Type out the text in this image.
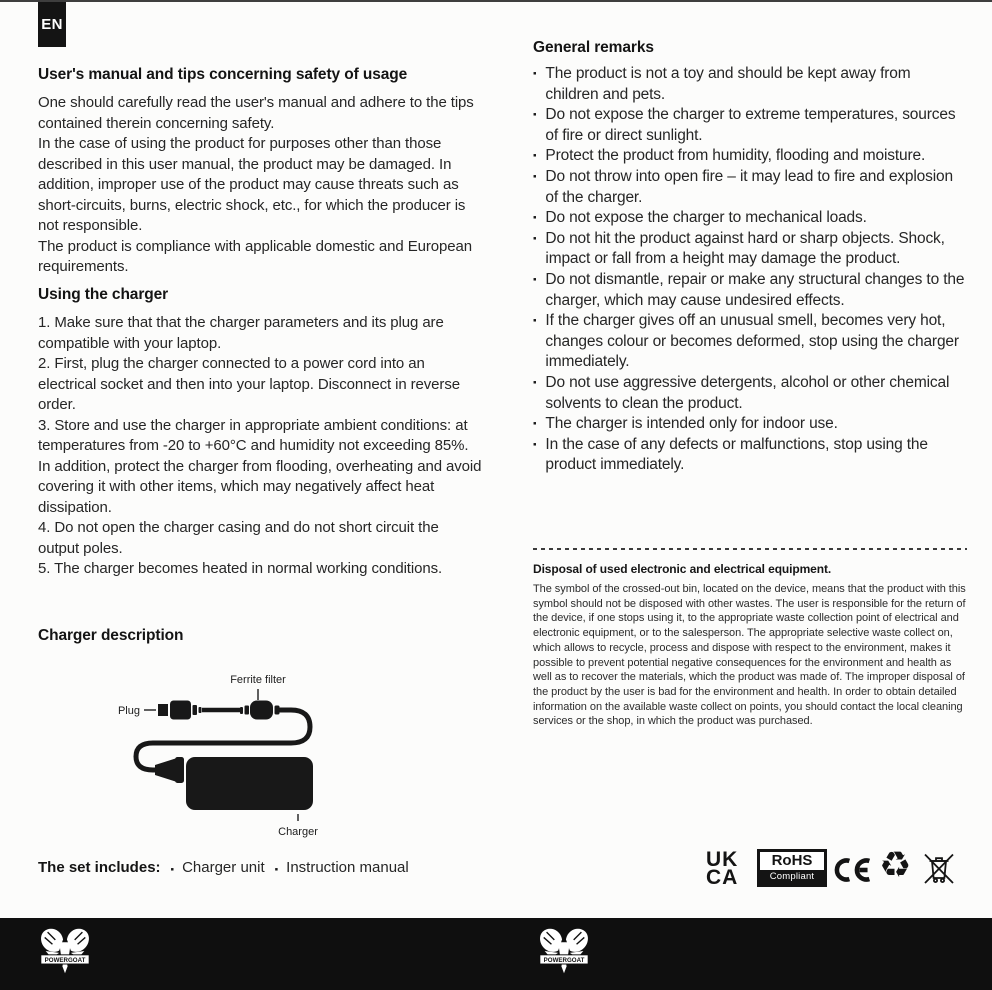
EN
User's manual and tips concerning safety of usage

One should carefully read the user's manual and adhere to the tips contained therein concerning safety.

In the case of using the product for purposes other than those described in this user manual, the product may be damaged. In addition, improper use of the product may cause threats such as short-circuits, burns, electric shock, etc., for which the producer is not responsible.

The product is compliance with applicable domestic and European requirements.

Using the charger

1. Make sure that that the charger parameters and its plug are compatible with your laptop.

2. First, plug the charger connected to a power cord into an electrical socket and then into your laptop. Disconnect in reverse order.

3. Store and use the charger in appropriate ambient conditions: at temperatures from -20 to +60°C and humidity not exceeding 85%. In addition, protect the charger from flooding, overheating and avoid covering it with other items, which may negatively affect heat dissipation.

4. Do not open the charger casing and do not short circuit the output poles.

5. The charger becomes heated in normal working conditions.

Charger description
Ferrite filter
Plug
Charger
The set includes: ▪ Charger unit ▪ Instruction manual
General remarks
▪ The product is not a toy and should be kept away from children and pets.
▪ Do not expose the charger to extreme temperatures, sources of fire or direct sunlight.
▪ Protect the product from humidity, flooding and moisture.
▪ Do not throw into open fire – it may lead to fire and explosion of the charger.
▪ Do not expose the charger to mechanical loads.
▪ Do not hit the product against hard or sharp objects. Shock, impact or fall from a height may damage the product.
▪ Do not dismantle, repair or make any structural changes to the charger, which may cause undesired effects.
▪ If the charger gives off an unusual smell, becomes very hot, changes colour or becomes deformed, stop using the charger immediately.
▪ Do not use aggressive detergents, alcohol or other chemical solvents to clean the product.
▪ The charger is intended only for indoor use.
▪ In the case of any defects or malfunctions, stop using the product immediately.
Disposal of used electronic and electrical equipment.
The symbol of the crossed-out bin, located on the device, means that the product with this symbol should not be disposed with other wastes. The user is responsible for the return of the device, if one stops using it, to the appropriate waste collection point of electrical and electronic equipment, or to the salesperson. The appropriate selective waste collect on, which allows to recycle, process and dispose with respect to the environment, makes it possible to prevent potential negative consequences for the environment and health as well as to recover the materials, which the product was made of. The improper disposal of the product by the user is bad for the environment and health. In order to obtain detailed information on the available waste collect on points, you should contact the local cleaning services or the shop, in which the product was purchased.
UK
CA
RoHS
Compliant ♻
POWERGOAT	POWERGOAT
